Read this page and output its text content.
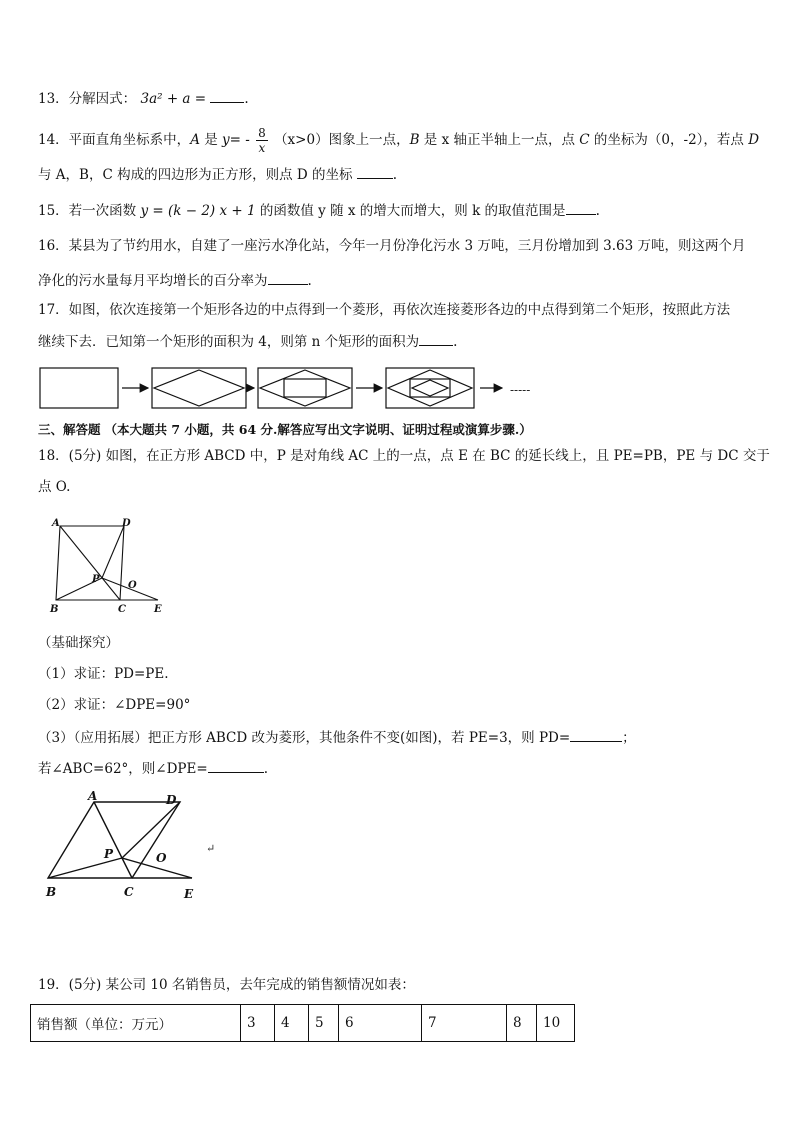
13．分解因式： 3a² + a =	.
14．平面直角坐标系中，A 是 $y= - \frac{8}{x} (x>0)$图象上一点，B 是 x 轴正半轴上一点，点 C 的坐标为（0，-2），若点 D
与 A，B，C 构成的四边形为正方形，则点 D 的坐标	.
15．若一次函数 y = (k − 2) x + 1 的函数值 y 随 x 的增大而增大，则 k 的取值范围是 .
16．某县为了节约用水，自建了一座污水净化站，今年一月份净化污水 3 万吨，三月份增加到 3.63 万吨，则这两个月
净化的污水量每月平均增长的百分率为	.
17．如图，依次连接第一个矩形各边的中点得到一个菱形，再依次连接菱形各边的中点得到第二个矩形，按照此方法
继续下去．已知第一个矩形的面积为 4，则第 n 个矩形的面积为	.
-----
三、解答题 （本大题共 7 小题，共 64 分.解答应写出文字说明、证明过程或演算步骤.）
18．(5分) 如图，在正方形 ABCD 中，P 是对角线 AC 上的一点，点 E 在 BC 的延长线上，且 PE=PB，PE 与 DC 交于
点 O.
A	D
P
O
B	C	E
（基础探究）
（1）求证：PD=PE.
（2）求证：∠DPE=90°
（3）（应用拓展）把正方形 ABCD 改为菱形，其他条件不变(如图)，若 PE=3，则 PD=	；
若∠ABC=62°，则∠DPE=	.
A	D
P	O
B	C	E
↵
19．(5分) 某公司 10 名销售员，去年完成的销售额情况如表：
销售额（单位：万元）	3	4	5	6	7	8	10
